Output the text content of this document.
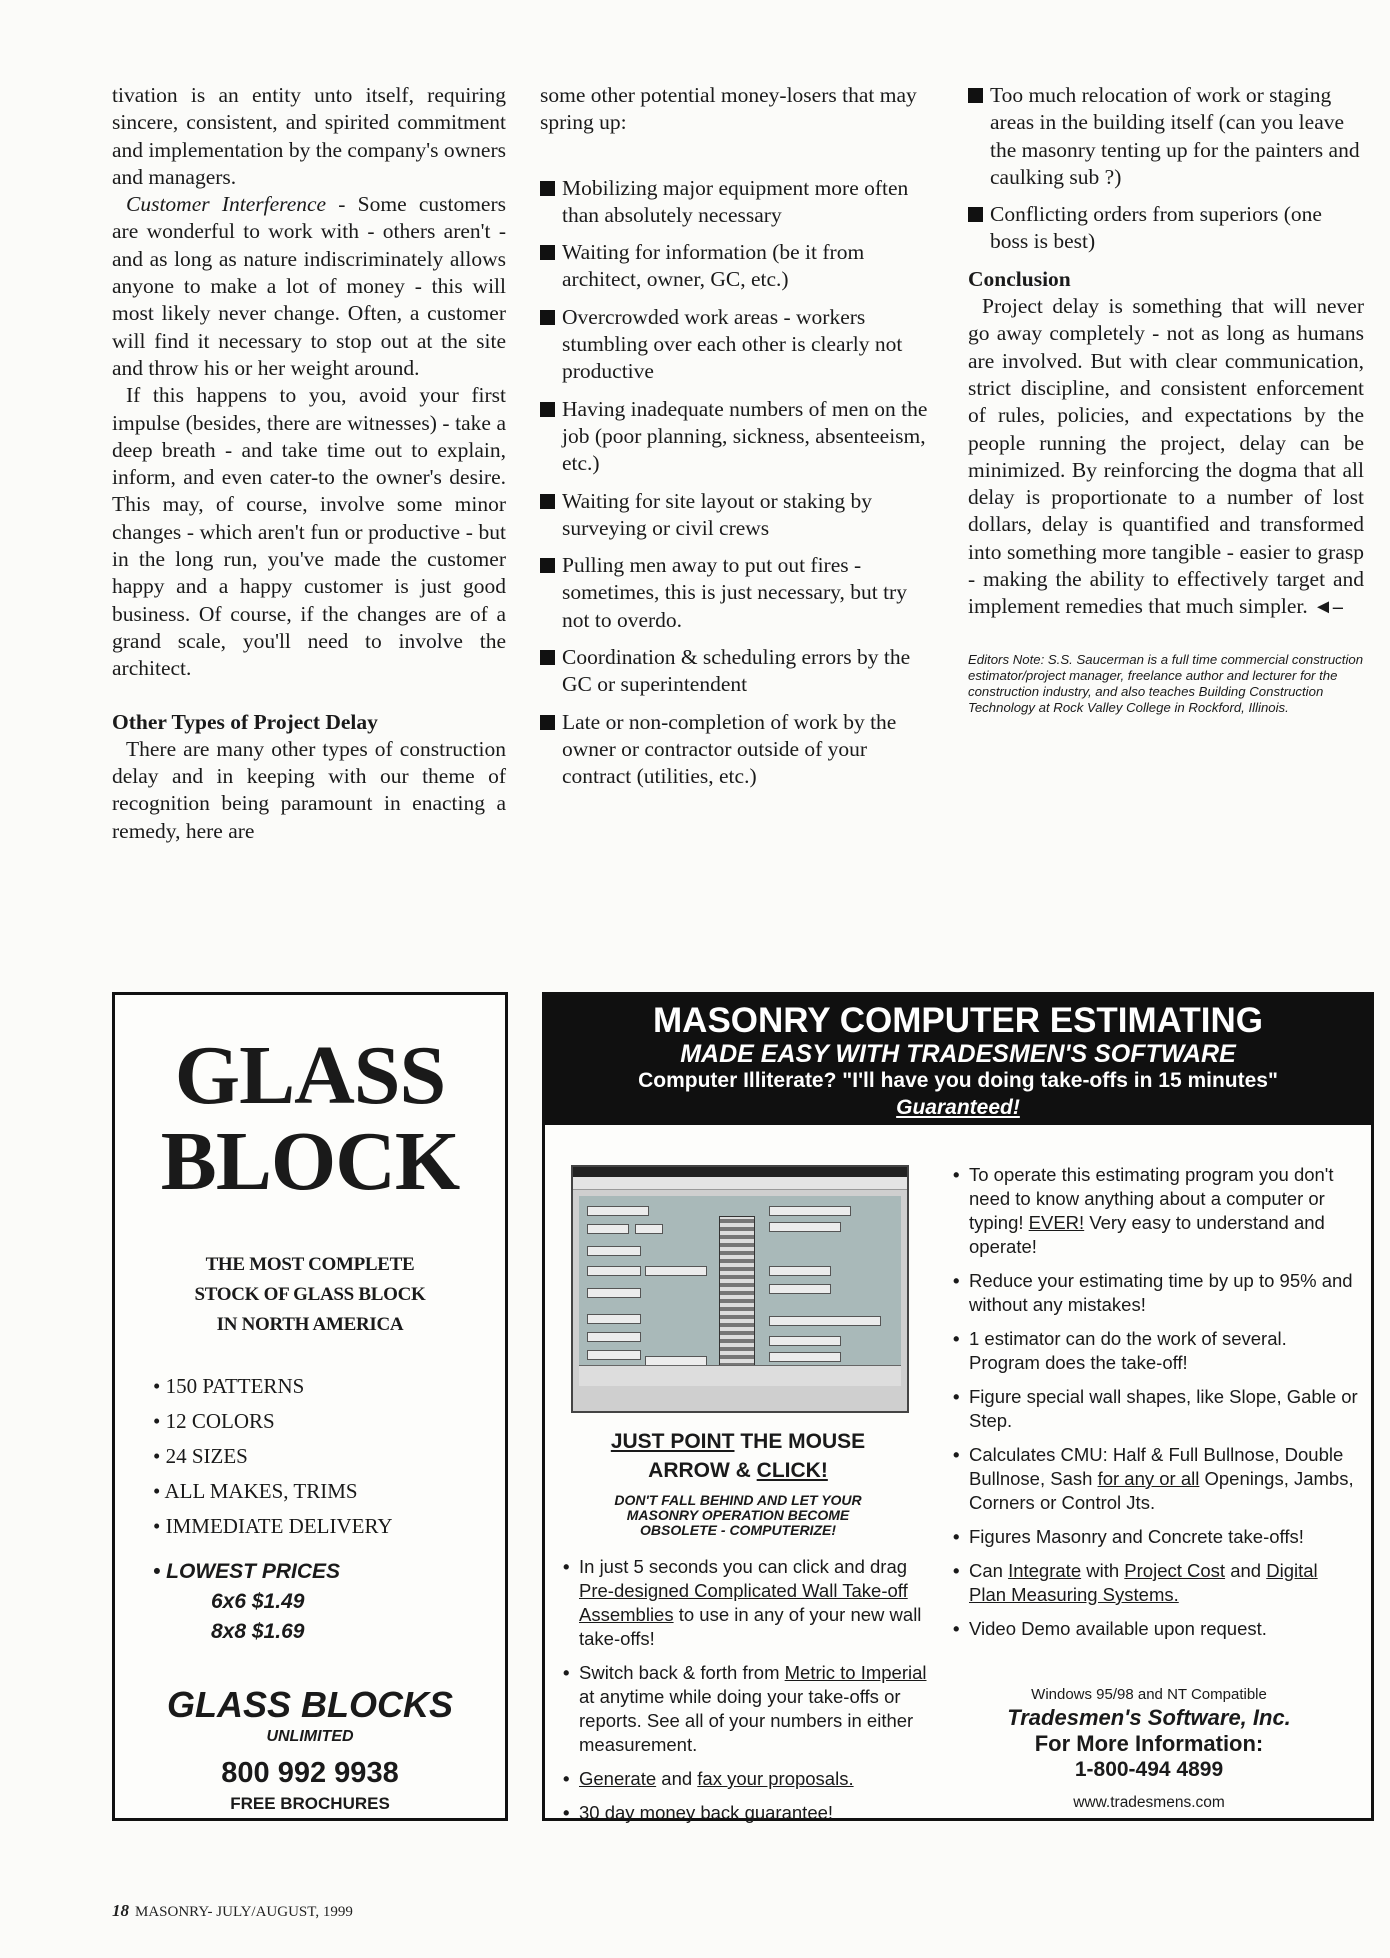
tivation is an entity unto itself, requiring sincere, consistent, and spirited commitment and implementation by the company's owners and managers.

Customer Interference - Some customers are wonderful to work with - others aren't - and as long as nature indiscriminately allows anyone to make a lot of money - this will most likely never change. Often, a customer will find it necessary to stop out at the site and throw his or her weight around.

If this happens to you, avoid your first impulse (besides, there are witnesses) - take a deep breath - and take time out to explain, inform, and even cater-to the owner's desire. This may, of course, involve some minor changes - which aren't fun or productive - but in the long run, you've made the customer happy and a happy customer is just good business. Of course, if the changes are of a grand scale, you'll need to involve the architect.

Other Types of Project Delay

There are many other types of construction delay and in keeping with our theme of recognition being paramount in enacting a remedy, here are

some other potential money-losers that may spring up:

Mobilizing major equipment more often than absolutely necessary
Waiting for information (be it from architect, owner, GC, etc.)
Overcrowded work areas - workers stumbling over each other is clearly not productive
Having inadequate numbers of men on the job (poor planning, sickness, absenteeism, etc.)
Waiting for site layout or staking by surveying or civil crews
Pulling men away to put out fires - sometimes, this is just necessary, but try not to overdo.
Coordination & scheduling errors by the GC or superintendent
Late or non-completion of work by the owner or contractor outside of your contract (utilities, etc.)
Too much relocation of work or staging areas in the building itself (can you leave the masonry tenting up for the painters and caulking sub ?)
Conflicting orders from superiors (one boss is best)

Conclusion

Project delay is something that will never go away completely - not as long as humans are involved. But with clear communication, strict discipline, and consistent enforcement of rules, policies, and expectations by the people running the project, delay can be minimized. By reinforcing the dogma that all delay is proportionate to a number of lost dollars, delay is quantified and transformed into something more tangible - easier to grasp - making the ability to effectively target and implement remedies that much simpler. ◄–

Editors Note: S.S. Saucerman is a full time commercial construction estimator/project manager, freelance author and lecturer for the construction industry, and also teaches Building Construction Technology at Rock Valley College in Rockford, Illinois.

GLASS
BLOCK
THE MOST COMPLETE
STOCK OF GLASS BLOCK
IN NORTH AMERICA
• 150 PATTERNS
• 12 COLORS
• 24 SIZES
• ALL MAKES, TRIMS
• IMMEDIATE DELIVERY
• LOWEST PRICES
6x6 $1.49
8x8 $1.69
GLASS BLOCKS
UNLIMITED
800 992 9938
FREE BROCHURES
MASONRY COMPUTER ESTIMATING
MADE EASY WITH TRADESMEN'S SOFTWARE
Computer Illiterate? "I'll have you doing take-offs in 15 minutes"
Guaranteed!
JUST POINT THE MOUSE
ARROW & CLICK!
DON'T FALL BEHIND AND LET YOUR
MASONRY OPERATION BECOME
OBSOLETE - COMPUTERIZE!
• In just 5 seconds you can click and drag Pre-designed Complicated Wall Take-off Assemblies to use in any of your new wall take-offs!
• Switch back & forth from Metric to Imperial at anytime while doing your take-offs or reports. See all of your numbers in either measurement.
• Generate and fax your proposals.
• 30 day money back guarantee!
• To operate this estimating program you don't need to know anything about a computer or typing! EVER! Very easy to understand and operate!
• Reduce your estimating time by up to 95% and without any mistakes!
• 1 estimator can do the work of several. Program does the take-off!
• Figure special wall shapes, like Slope, Gable or Step.
• Calculates CMU: Half & Full Bullnose, Double Bullnose, Sash for any or all Openings, Jambs, Corners or Control Jts.
• Figures Masonry and Concrete take-offs!
• Can Integrate with Project Cost and Digital Plan Measuring Systems.
• Video Demo available upon request.
Windows 95/98 and NT Compatible
Tradesmen's Software, Inc.
For More Information:
1-800-494 4899
www.tradesmens.com
18 MASONRY- JULY/AUGUST, 1999
